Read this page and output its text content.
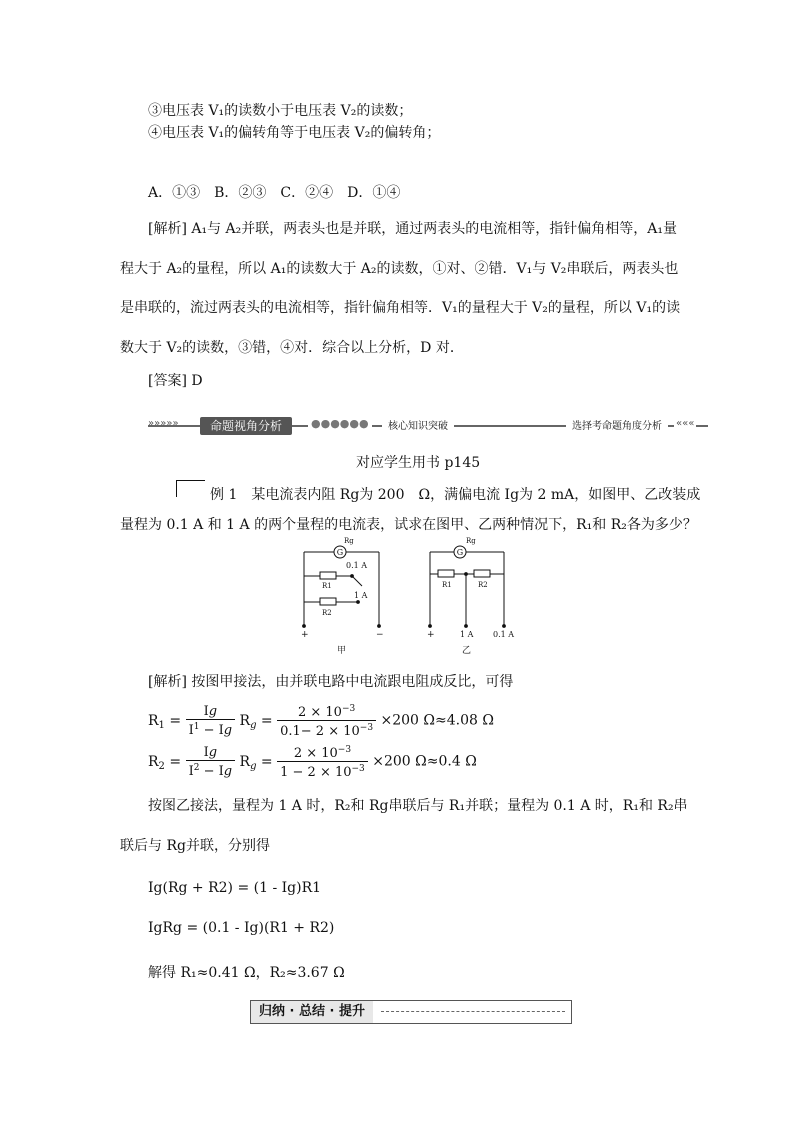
③电压表 V₁的读数小于电压表 V₂的读数；
④电压表 V₁的偏转角等于电压表 V₂的偏转角；
A．①③　B．②③　C．②④　D．①④
[解析] A₁与 A₂并联，两表头也是并联，通过两表头的电流相等，指针偏角相等，A₁量
程大于 A₂的量程，所以 A₁的读数大于 A₂的读数，①对、②错．V₁与 V₂串联后，两表头也
是串联的，流过两表头的电流相等，指针偏角相等．V₁的量程大于 V₂的量程，所以 V₁的读
数大于 V₂的读数，③错，④对．综合以上分析，D 对．
[答案] D
»»»»»	命题视角分析	●●●●●●	核心知识突破	选择考命题角度分析	«««
对应学生用书 p145
例 1　某电流表内阻 Rg为 200　Ω，满偏电流 Ig为 2 mA，如图甲、乙改装成
量程为 0.1 A 和 1 A 的两个量程的电流表，试求在图甲、乙两种情况下，R₁和 R₂各为多少？
G
Rg
R1
0.1 A
R2
1 A
+	−
甲
G
Rg
R1	R2
+	1 A 0.1 A
乙
[解析] 按图甲接法，由并联电路中电流跟电阻成反比，可得
$R_1 = \frac{Ig}{I^1 - Ig} R_g = \frac{2 \times 10^{-3}}{0.1- 2 \times 10^{-3}} \times 200$ Ω≈4.08 Ω
$R_2 = \frac{Ig}{I^2 - Ig} R_g = \frac{2 \times 10^{-3}}{1 - 2 \times 10^{-3}} \times 200$ Ω≈0.4 Ω
按图乙接法，量程为 1 A 时，R₂和 Rg串联后与 R₁并联；量程为 0.1 A 时，R₁和 R₂串
联后与 Rg并联，分别得
Ig(Rg + R2) = (1 - Ig)R1
IgRg = (0.1 - Ig)(R1 + R2)
解得 R₁≈0.41 Ω，R₂≈3.67 Ω
归纳 · 总结 · 提升
